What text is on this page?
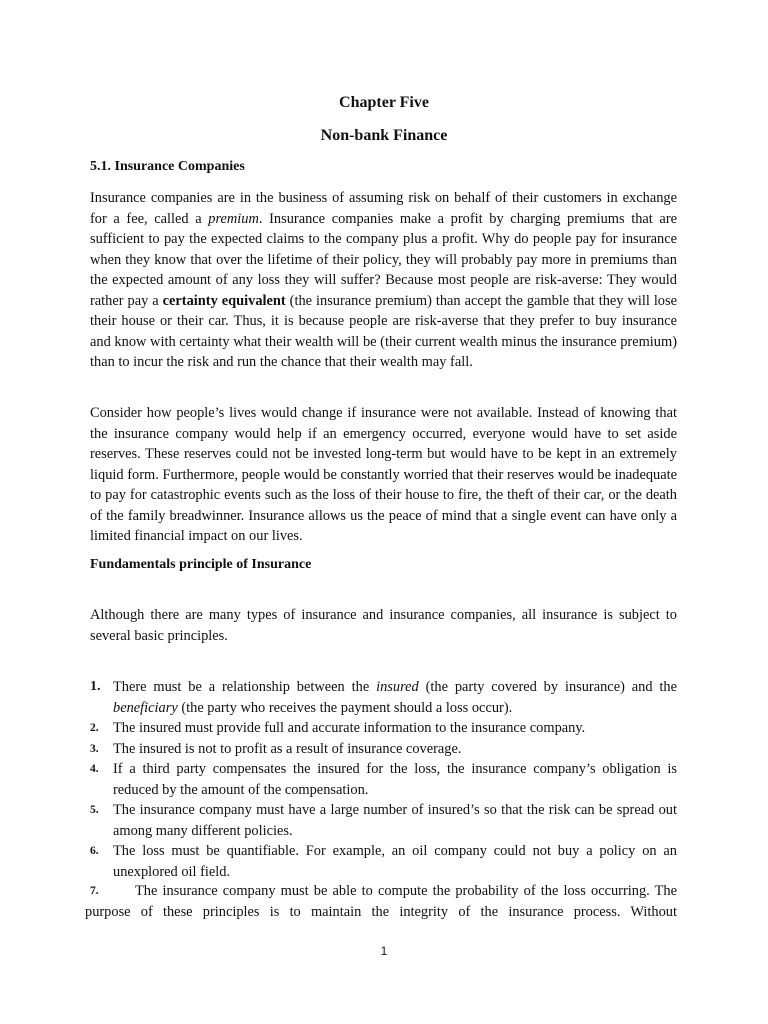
Chapter Five
Non-bank Finance
5.1. Insurance Companies
Insurance companies are in the business of assuming risk on behalf of their customers in exchange for a fee, called a premium. Insurance companies make a profit by charging premiums that are sufficient to pay the expected claims to the company plus a profit. Why do people pay for insurance when they know that over the lifetime of their policy, they will probably pay more in premiums than the expected amount of any loss they will suffer? Because most people are risk-averse: They would rather pay a certainty equivalent (the insurance premium) than accept the gamble that they will lose their house or their car. Thus, it is because people are risk-averse that they prefer to buy insurance and know with certainty what their wealth will be (their current wealth minus the insurance premium) than to incur the risk and run the chance that their wealth may fall.
Consider how people’s lives would change if insurance were not available. Instead of knowing that the insurance company would help if an emergency occurred, everyone would have to set aside reserves. These reserves could not be invested long-term but would have to be kept in an extremely liquid form. Furthermore, people would be constantly worried that their reserves would be inadequate to pay for catastrophic events such as the loss of their house to fire, the theft of their car, or the death of the family breadwinner. Insurance allows us the peace of mind that a single event can have only a limited financial impact on our lives.
Fundamentals principle of Insurance
Although there are many types of insurance and insurance companies, all insurance is subject to several basic principles.
1. There must be a relationship between the insured (the party covered by insurance) and the beneficiary (the party who receives the payment should a loss occur).
2. The insured must provide full and accurate information to the insurance company.
3. The insured is not to profit as a result of insurance coverage.
4. If a third party compensates the insured for the loss, the insurance company’s obligation is reduced by the amount of the compensation.
5. The insurance company must have a large number of insured’s so that the risk can be spread out among many different policies.
6. The loss must be quantifiable. For example, an oil company could not buy a policy on an unexplored oil field.
7.	The insurance company must be able to compute the probability of the loss occurring. The purpose of these principles is to maintain the integrity of the insurance process. Without
1
